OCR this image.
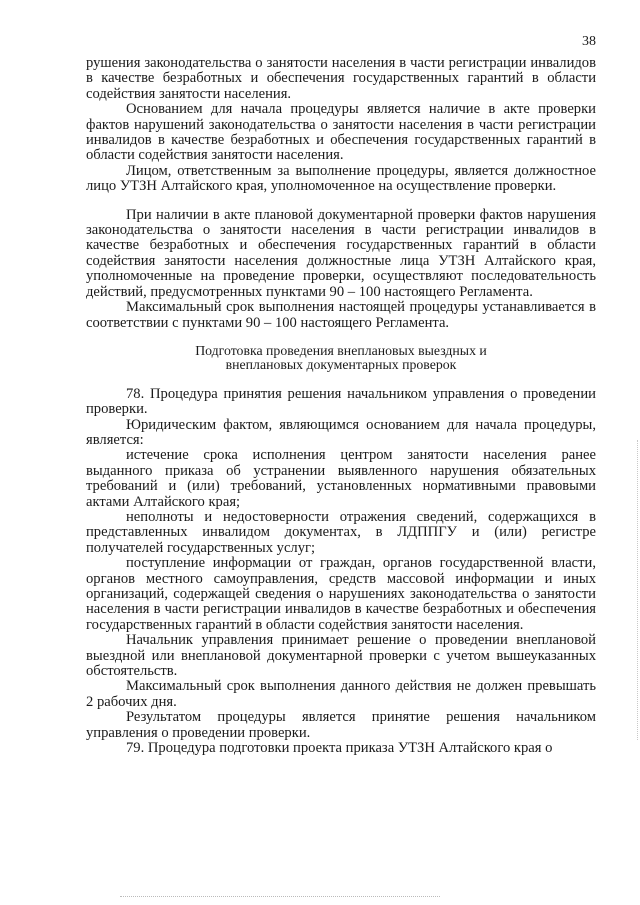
38

рушения законодательства о занятости населения в части регистрации инвалидов в качестве безработных и обеспечения государственных гарантий в области содействия занятости населения.

Основанием для начала процедуры является наличие в акте проверки фактов нарушений законодательства о занятости населения в части регистрации инвалидов в качестве безработных и обеспечения государственных гарантий в области содействия занятости населения.

Лицом, ответственным за выполнение процедуры, является должностное лицо УТЗН Алтайского края, уполномоченное на осуществление проверки.

При наличии в акте плановой документарной проверки фактов нарушения законодательства о занятости населения в части регистрации инвалидов в качестве безработных и обеспечения государственных гарантий в области содействия занятости населения должностные лица УТЗН Алтайского края, уполномоченные на проведение проверки, осуществляют последовательность действий, предусмотренных пунктами 90 – 100 настоящего Регламента.

Максимальный срок выполнения настоящей процедуры устанавливается в соответствии с пунктами 90 – 100 настоящего Регламента.

Подготовка проведения внеплановых выездных и
внеплановых документарных проверок

78. Процедура принятия решения начальником управления о проведении проверки.

Юридическим фактом, являющимся основанием для начала процедуры, является:

истечение срока исполнения центром занятости населения ранее выданного приказа об устранении выявленного нарушения обязательных требований и (или) требований, установленных нормативными правовыми актами Алтайского края;

неполноты и недостоверности отражения сведений, содержащихся в представленных инвалидом документах, в ЛДППГУ и (или) регистре получателей государственных услуг;

поступление информации от граждан, органов государственной власти, органов местного самоуправления, средств массовой информации и иных организаций, содержащей сведения о нарушениях законодательства о занятости населения в части регистрации инвалидов в качестве безработных и обеспечения государственных гарантий в области содействия занятости населения.

Начальник управления принимает решение о проведении внеплановой выездной или внеплановой документарной проверки с учетом вышеуказанных обстоятельств.

Максимальный срок выполнения данного действия не должен превышать 2 рабочих дня.

Результатом процедуры является принятие решения начальником управления о проведении проверки.

79. Процедура подготовки проекта приказа УТЗН Алтайского края о
